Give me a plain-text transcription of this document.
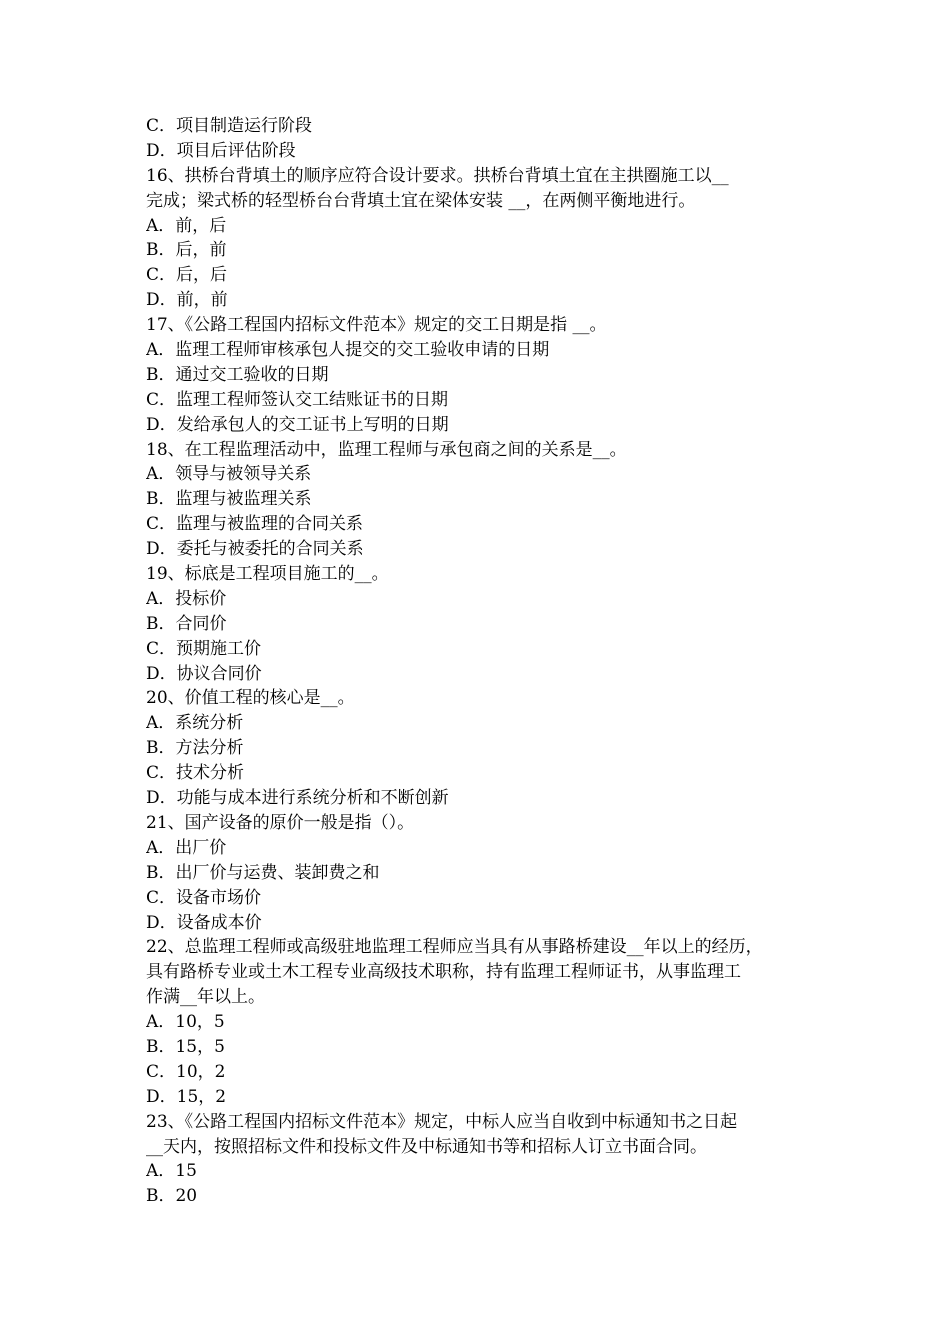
C．项目制造运行阶段

D．项目后评估阶段

16、拱桥台背填土的顺序应符合设计要求。拱桥台背填土宜在主拱圈施工以__

完成；梁式桥的轻型桥台台背填土宜在梁体安装 __，在两侧平衡地进行。

A．前，后

B．后，前

C．后，后

D．前，前

17、《公路工程国内招标文件范本》规定的交工日期是指 __。

A．监理工程师审核承包人提交的交工验收申请的日期

B．通过交工验收的日期

C．监理工程师签认交工结账证书的日期

D．发给承包人的交工证书上写明的日期

18、在工程监理活动中，监理工程师与承包商之间的关系是__。

A．领导与被领导关系

B．监理与被监理关系

C．监理与被监理的合同关系

D．委托与被委托的合同关系

19、标底是工程项目施工的__。

A．投标价

B．合同价

C．预期施工价

D．协议合同价

20、价值工程的核心是__。

A．系统分析

B．方法分析

C．技术分析

D．功能与成本进行系统分析和不断创新

21、国产设备的原价一般是指（）。

A．出厂价

B．出厂价与运费、装卸费之和

C．设备市场价

D．设备成本价

22、总监理工程师或高级驻地监理工程师应当具有从事路桥建设__年以上的经历，

具有路桥专业或土木工程专业高级技术职称，持有监理工程师证书，从事监理工

作满__年以上。

A．10，5

B．15，5

C．10，2

D．15，2

23、《公路工程国内招标文件范本》规定，中标人应当自收到中标通知书之日起

__天内，按照招标文件和投标文件及中标通知书等和招标人订立书面合同。

A．15

B．20
